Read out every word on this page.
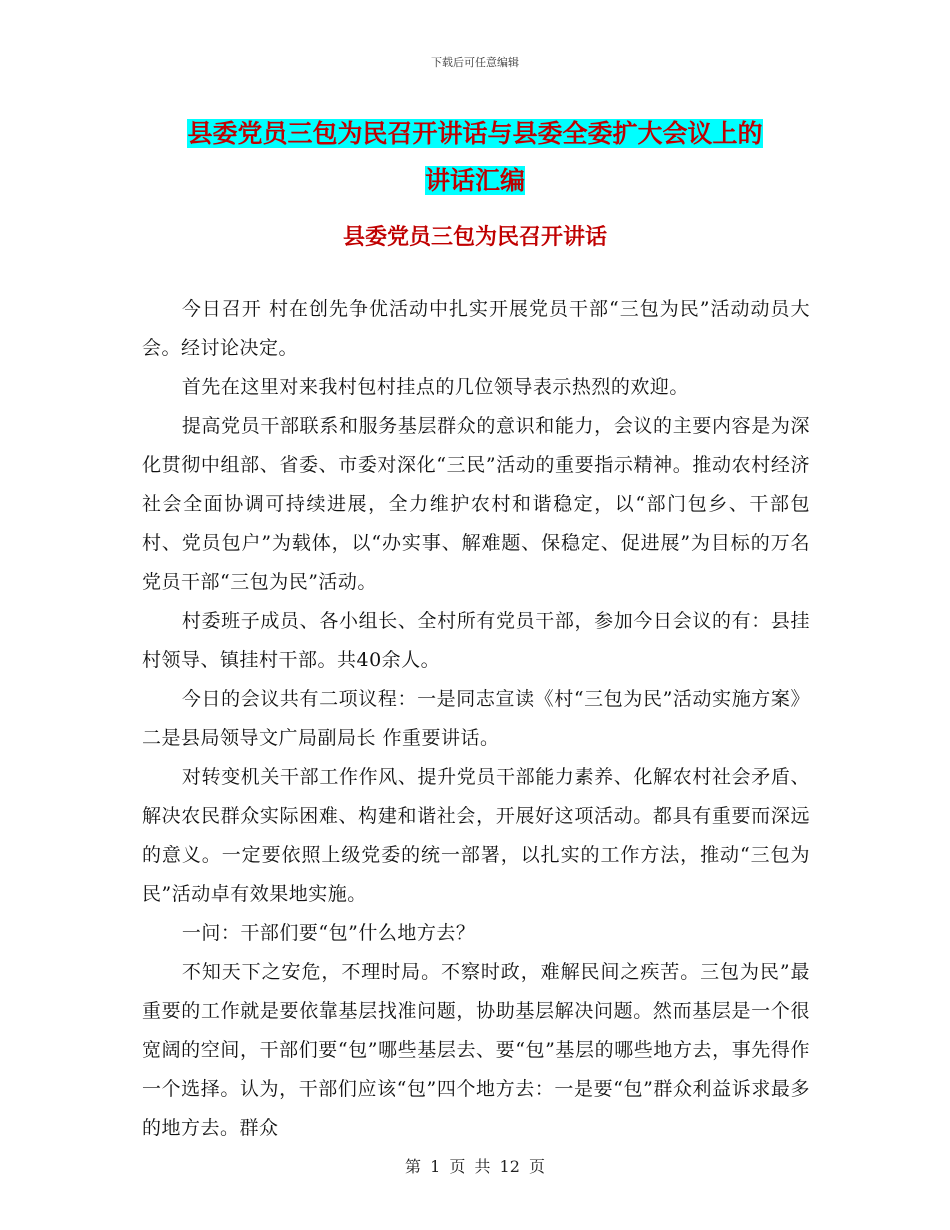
下载后可任意编辑
县委党员三包为民召开讲话与县委全委扩大会议上的
讲话汇编
县委党员三包为民召开讲话

今日召开 村在创先争优活动中扎实开展党员干部“三包为民”活动动员大会。经讨论决定。

首先在这里对来我村包村挂点的几位领导表示热烈的欢迎。

提高党员干部联系和服务基层群众的意识和能力，会议的主要内容是为深化贯彻中组部、省委、市委对深化“三民”活动的重要指示精神。推动农村经济社会全面协调可持续进展，全力维护农村和谐稳定，以“部门包乡、干部包村、党员包户”为载体，以“办实事、解难题、保稳定、促进展”为目标的万名党员干部“三包为民”活动。

村委班子成员、各小组长、全村所有党员干部，参加今日会议的有：县挂村领导、镇挂村干部。共40余人。

今日的会议共有二项议程：一是同志宣读《村“三包为民”活动实施方案》二是县局领导文广局副局长 作重要讲话。

对转变机关干部工作作风、提升党员干部能力素养、化解农村社会矛盾、解决农民群众实际困难、构建和谐社会，开展好这项活动。都具有重要而深远的意义。一定要依照上级党委的统一部署，以扎实的工作方法，推动“三包为民”活动卓有效果地实施。

一问：干部们要“包”什么地方去？

不知天下之安危，不理时局。不察时政，难解民间之疾苦。三包为民”最重要的工作就是要依靠基层找准问题，协助基层解决问题。然而基层是一个很宽阔的空间，干部们要“包”哪些基层去、要“包”基层的哪些地方去，事先得作一个选择。认为，干部们应该“包”四个地方去：一是要“包”群众利益诉求最多的地方去。群众

第 1 页 共 12 页
